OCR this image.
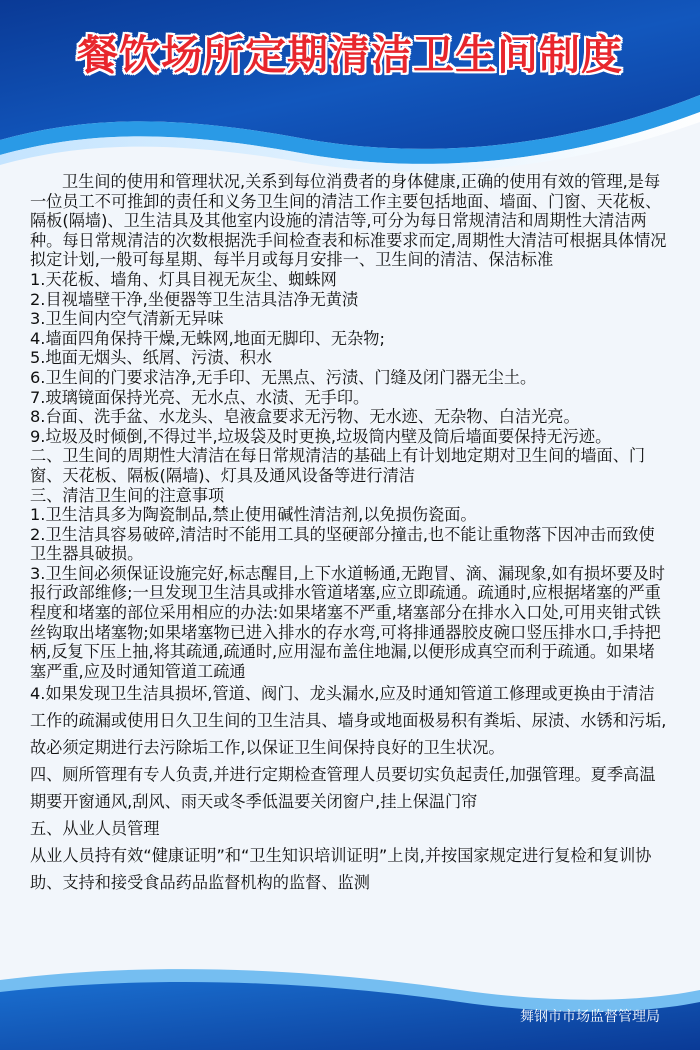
餐饮场所定期清洁卫生间制度

卫生间的使用和管理状况,关系到每位消费者的身体健康,正确的使用有效的管理,是每一位员工不可推卸的责任和义务卫生间的清洁工作主要包括地面、墙面、门窗、天花板、隔板(隔墙)、卫生洁具及其他室内设施的清洁等,可分为每日常规清洁和周期性大清洁两种。每日常规清洁的次数根据洗手间检查表和标准要求而定,周期性大清洁可根据具体情况拟定计划,一般可每星期、每半月或每月安排一、卫生间的清洁、保洁标准

1.天花板、墙角、灯具目视无灰尘、蜘蛛网

2.目视墙壁干净,坐便器等卫生洁具洁净无黄渍

3.卫生间内空气清新无异味

4.墙面四角保持干燥,无蛛网,地面无脚印、无杂物;

5.地面无烟头、纸屑、污渍、积水

6.卫生间的门要求洁净,无手印、无黑点、污渍、门缝及闭门器无尘土。

7.玻璃镜面保持光亮、无水点、水渍、无手印。

8.台面、洗手盆、水龙头、皂液盒要求无污物、无水迹、无杂物、白洁光亮。

9.垃圾及时倾倒,不得过半,垃圾袋及时更换,垃圾筒内壁及筒后墙面要保持无污迹。

二、卫生间的周期性大清洁在每日常规清洁的基础上有计划地定期对卫生间的墙面、门窗、天花板、隔板(隔墙)、灯具及通风设备等进行清洁

三、清洁卫生间的注意事项

1.卫生洁具多为陶瓷制品,禁止使用碱性清洁剂,以免损伤瓷面。

2.卫生洁具容易破碎,清洁时不能用工具的坚硬部分撞击,也不能让重物落下因冲击而致使卫生器具破损。

3.卫生间必须保证设施完好,标志醒目,上下水道畅通,无跑冒、滴、漏现象,如有损坏要及时报行政部维修;一旦发现卫生洁具或排水管道堵塞,应立即疏通。疏通时,应根据堵塞的严重程度和堵塞的部位采用相应的办法:如果堵塞不严重,堵塞部分在排水入口处,可用夹钳式铁丝钩取出堵塞物;如果堵塞物已进入排水的存水弯,可将排通器胶皮碗口竖压排水口,手持把柄,反复下压上抽,将其疏通,疏通时,应用湿布盖住地漏,以便形成真空而利于疏通。如果堵塞严重,应及时通知管道工疏通

4.如果发现卫生洁具损坏,管道、阀门、龙头漏水,应及时通知管道工修理或更换由于清洁工作的疏漏或使用日久卫生间的卫生洁具、墙身或地面极易积有粪垢、尿渍、水锈和污垢,故必须定期进行去污除垢工作,以保证卫生间保持良好的卫生状况。

四、厕所管理有专人负责,并进行定期检查管理人员要切实负起责任,加强管理。夏季高温期要开窗通风,刮风、雨天或冬季低温要关闭窗户,挂上保温门帘

五、从业人员管理

从业人员持有效“健康证明”和“卫生知识培训证明”上岗,并按国家规定进行复检和复训协助、支持和接受食品药品监督机构的监督、监测

舞钢市市场监督管理局
